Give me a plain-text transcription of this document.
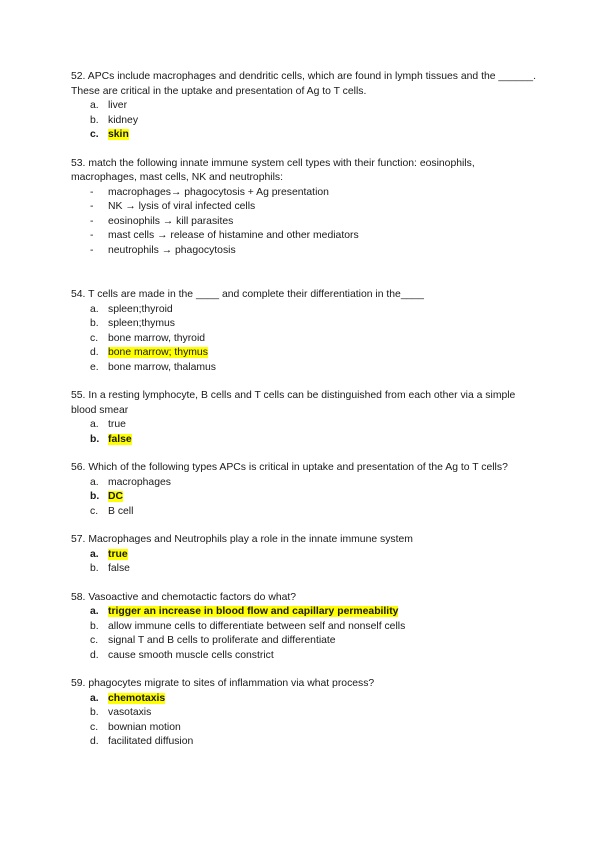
52. APCs include macrophages and dendritic cells, which are found in lymph tissues and the ______. These are critical in the uptake and presentation of Ag to T cells.

a. liver
b. kidney
c. skin

53. match the following innate immune system cell types with their function: eosinophils, macrophages, mast cells, NK and neutrophils:

- macrophages→ phagocytosis + Ag presentation
- NK → lysis of viral infected cells
- eosinophils → kill parasites
- mast cells → release of histamine and other mediators
- neutrophils → phagocytosis

54. T cells are made in the ____ and complete their differentiation in the____

a. spleen;thyroid
b. spleen;thymus
c. bone marrow, thyroid
d. bone marrow; thymus
e. bone marrow, thalamus

55. In a resting lymphocyte, B cells and T cells can be distinguished from each other via a simple blood smear

a. true
b. false

56. Which of the following types APCs is critical in uptake and presentation of the Ag to T cells?

a. macrophages
b. DC
c. B cell

57. Macrophages and Neutrophils play a role in the innate immune system

a. true
b. false

58. Vasoactive and chemotactic factors do what?

a. trigger an increase in blood flow and capillary permeability
b. allow immune cells to differentiate between self and nonself cells
c. signal T and B cells to proliferate and differentiate
d. cause smooth muscle cells constrict

59. phagocytes migrate to sites of inflammation via what process?

a. chemotaxis
b. vasotaxis
c. bownian motion
d. facilitated diffusion
